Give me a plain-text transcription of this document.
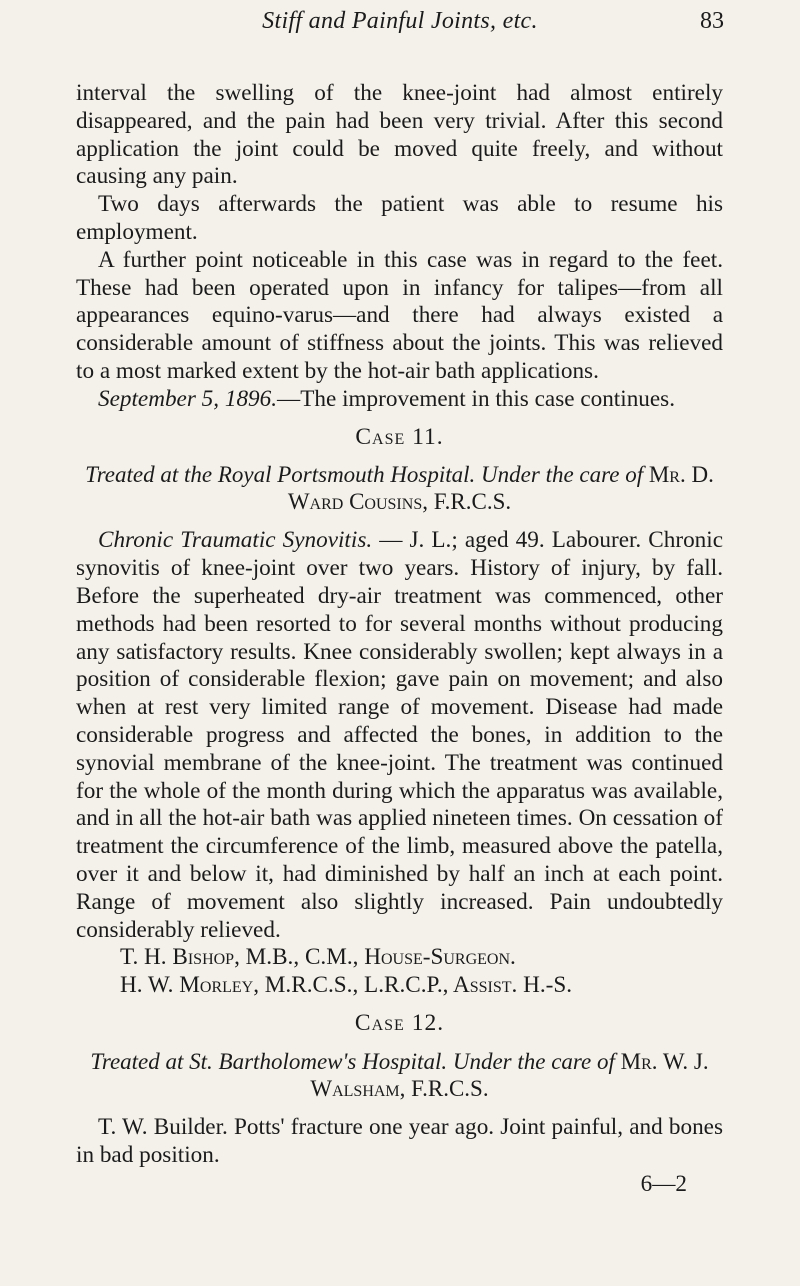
Stiff and Painful Joints, etc.	83

interval the swelling of the knee-joint had almost entirely disappeared, and the pain had been very trivial. After this second application the joint could be moved quite freely, and without causing any pain.

Two days afterwards the patient was able to resume his employment.

A further point noticeable in this case was in regard to the feet. These had been operated upon in infancy for talipes—from all appearances equino-varus—and there had always existed a considerable amount of stiffness about the joints. This was relieved to a most marked extent by the hot-air bath applications.

September 5, 1896.—The improvement in this case continues.

Case 11.
Treated at the Royal Portsmouth Hospital. Under the care of Mr. D. Ward Cousins, F.R.C.S.

Chronic Traumatic Synovitis. — J. L.; aged 49. Labourer. Chronic synovitis of knee-joint over two years. History of injury, by fall. Before the superheated dry-air treatment was commenced, other methods had been resorted to for several months without producing any satisfactory results. Knee considerably swollen; kept always in a position of considerable flexion; gave pain on movement; and also when at rest very limited range of movement. Disease had made considerable progress and affected the bones, in addition to the synovial membrane of the knee-joint. The treatment was continued for the whole of the month during which the apparatus was available, and in all the hot-air bath was applied nineteen times. On cessation of treatment the circumference of the limb, measured above the patella, over it and below it, had diminished by half an inch at each point. Range of movement also slightly increased. Pain undoubtedly considerably relieved.

T. H. Bishop, M.B., C.M., House-Surgeon.
H. W. Morley, M.R.C.S., L.R.C.P., Assist. H.-S.
Case 12.
Treated at St. Bartholomew's Hospital. Under the care of Mr. W. J. Walsham, F.R.C.S.

T. W. Builder. Potts' fracture one year ago. Joint painful, and bones in bad position.

6—2
